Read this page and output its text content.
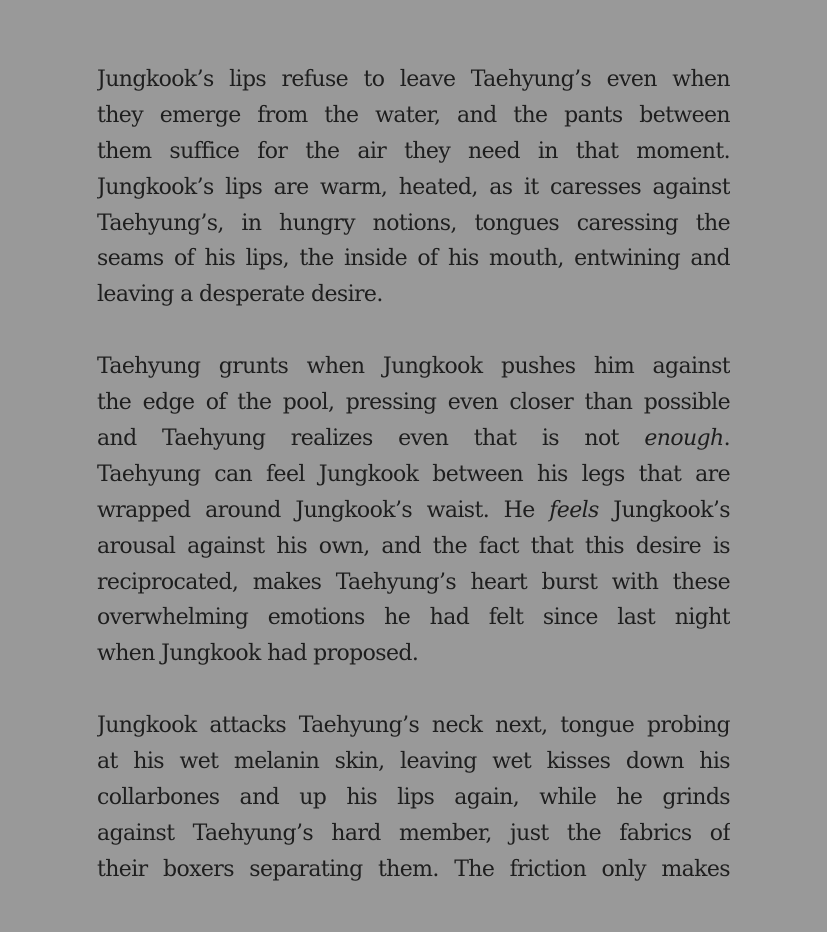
Jungkook’s lips refuse to leave Taehyung’s even when
they emerge from the water, and the pants between
them suffice for the air they need in that moment.
Jungkook’s lips are warm, heated, as it caresses against
Taehyung’s, in hungry notions, tongues caressing the
seams of his lips, the inside of his mouth, entwining and
leaving a desperate desire.
Taehyung grunts when Jungkook pushes him against
the edge of the pool, pressing even closer than possible
and Taehyung realizes even that is not enough.
Taehyung can feel Jungkook between his legs that are
wrapped around Jungkook’s waist. He feels Jungkook’s
arousal against his own, and the fact that this desire is
reciprocated, makes Taehyung’s heart burst with these
overwhelming emotions he had felt since last night
when Jungkook had proposed.
Jungkook attacks Taehyung’s neck next, tongue probing
at his wet melanin skin, leaving wet kisses down his
collarbones and up his lips again, while he grinds
against Taehyung’s hard member, just the fabrics of
their boxers separating them. The friction only makes
